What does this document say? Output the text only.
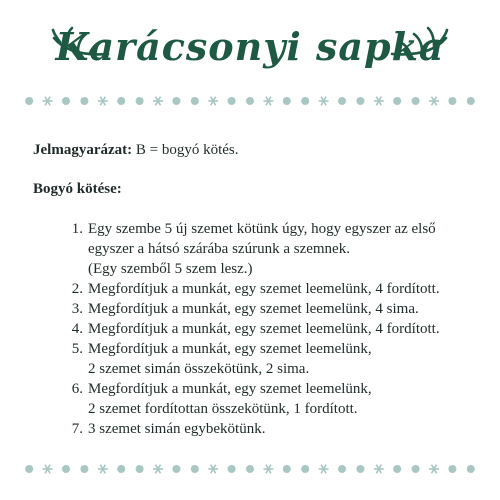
Karácsonyi sapka

Jelmagyarázat: B = bogyó kötés.

Bogyó kötése:

1. Egy szembe 5 új szemet kötünk úgy, hogy egyszer az első
egyszer a hátsó szárába szúrunk a szemnek.
(Egy szemből 5 szem lesz.)
2. Megfordítjuk a munkát, egy szemet leemelünk, 4 fordított.
3. Megfordítjuk a munkát, egy szemet leemelünk, 4 sima.
4. Megfordítjuk a munkát, egy szemet leemelünk, 4 fordított.
5. Megfordítjuk a munkát, egy szemet leemelünk,
2 szemet simán összekötünk, 2 sima.
6. Megfordítjuk a munkát, egy szemet leemelünk,
2 szemet fordítottan összekötünk, 1 fordított.
7. 3 szemet simán egybekötünk.
